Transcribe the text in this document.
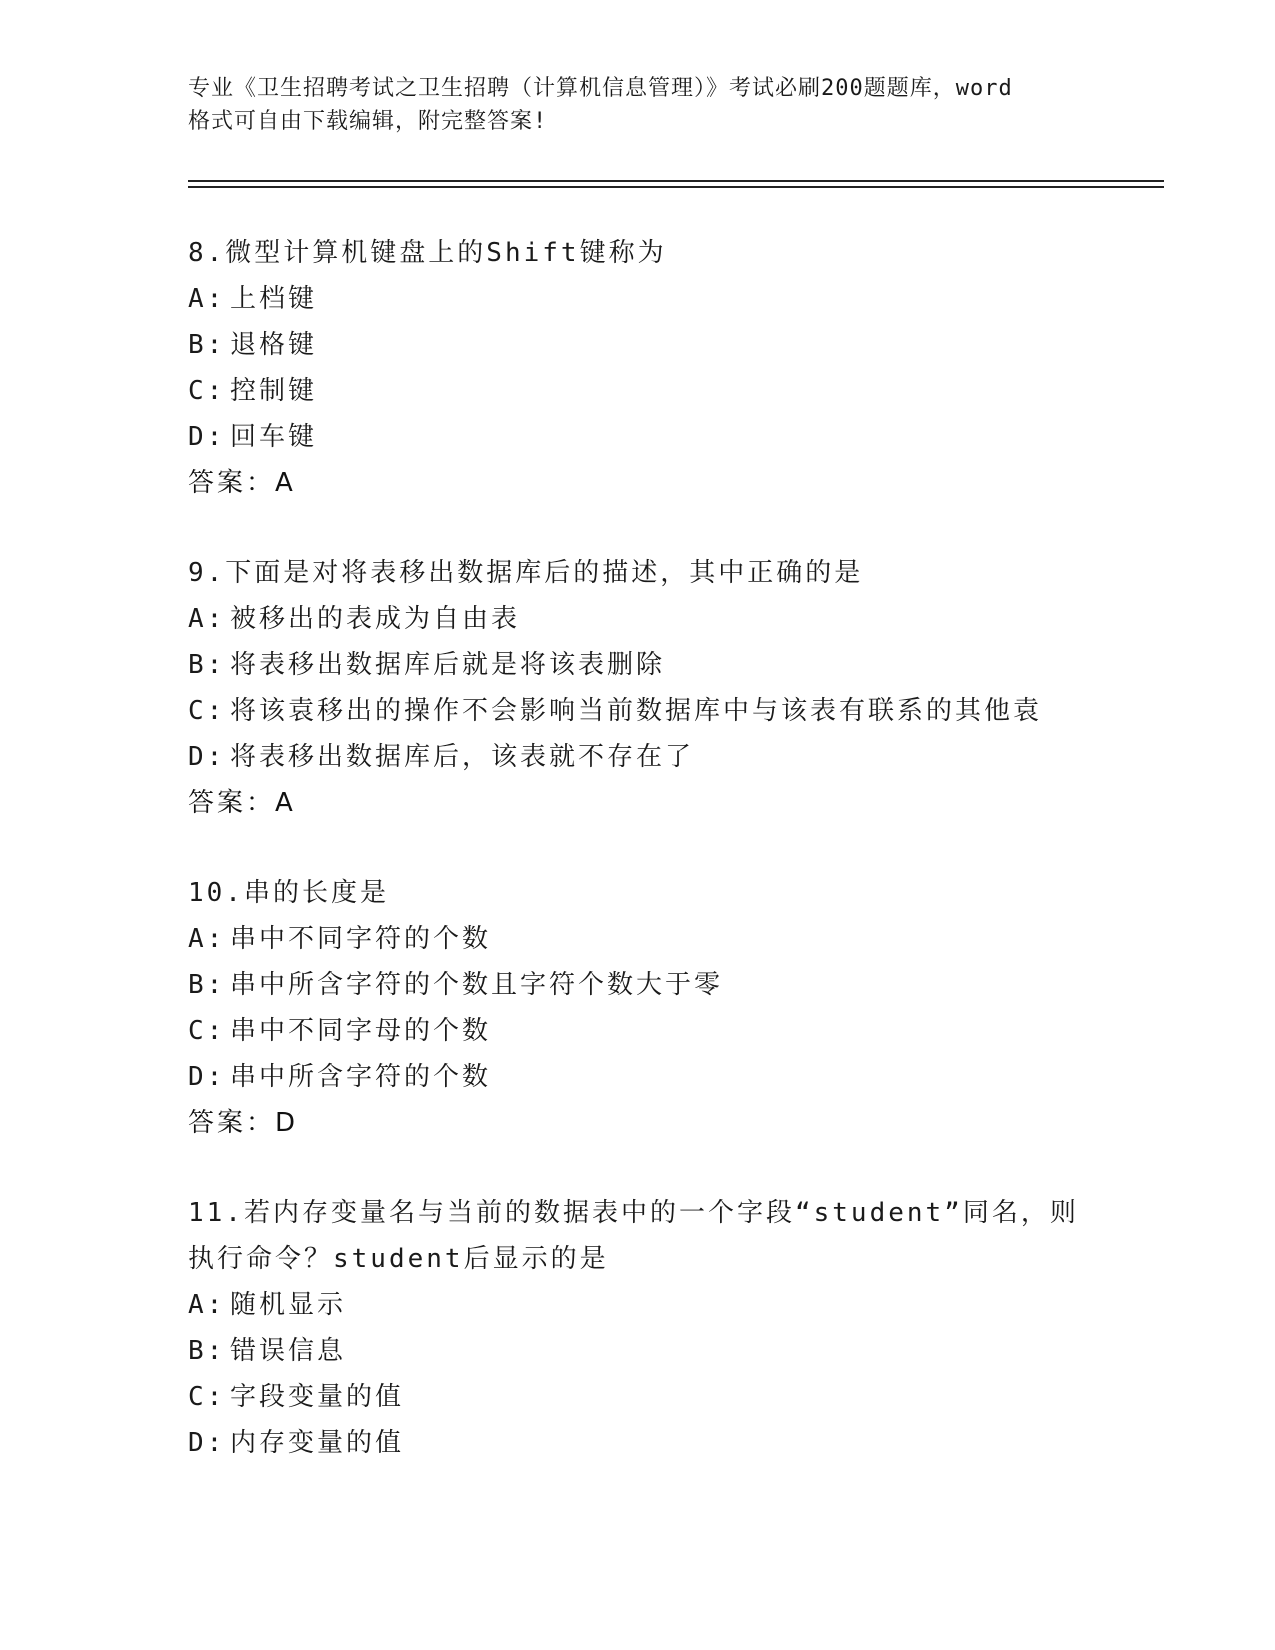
专业《卫生招聘考试之卫生招聘（计算机信息管理）》考试必刷200题题库，word
格式可自由下载编辑，附完整答案!

8.微型计算机键盘上的Shift键称为

A: 上档键

B: 退格键

C: 控制键

D: 回车键

答案：A

9.下面是对将表移出数据库后的描述，其中正确的是

A: 被移出的表成为自由表

B: 将表移出数据库后就是将该表删除

C: 将该袁移出的操作不会影响当前数据库中与该表有联系的其他袁

D: 将表移出数据库后，该表就不存在了

答案：A

10.串的长度是

A: 串中不同字符的个数

B: 串中所含字符的个数且字符个数大于零

C: 串中不同字母的个数

D: 串中所含字符的个数

答案：D

11.若内存变量名与当前的数据表中的一个字段“student”同名，则

执行命令？student后显示的是

A: 随机显示

B: 错误信息

C: 字段变量的值

D: 内存变量的值
